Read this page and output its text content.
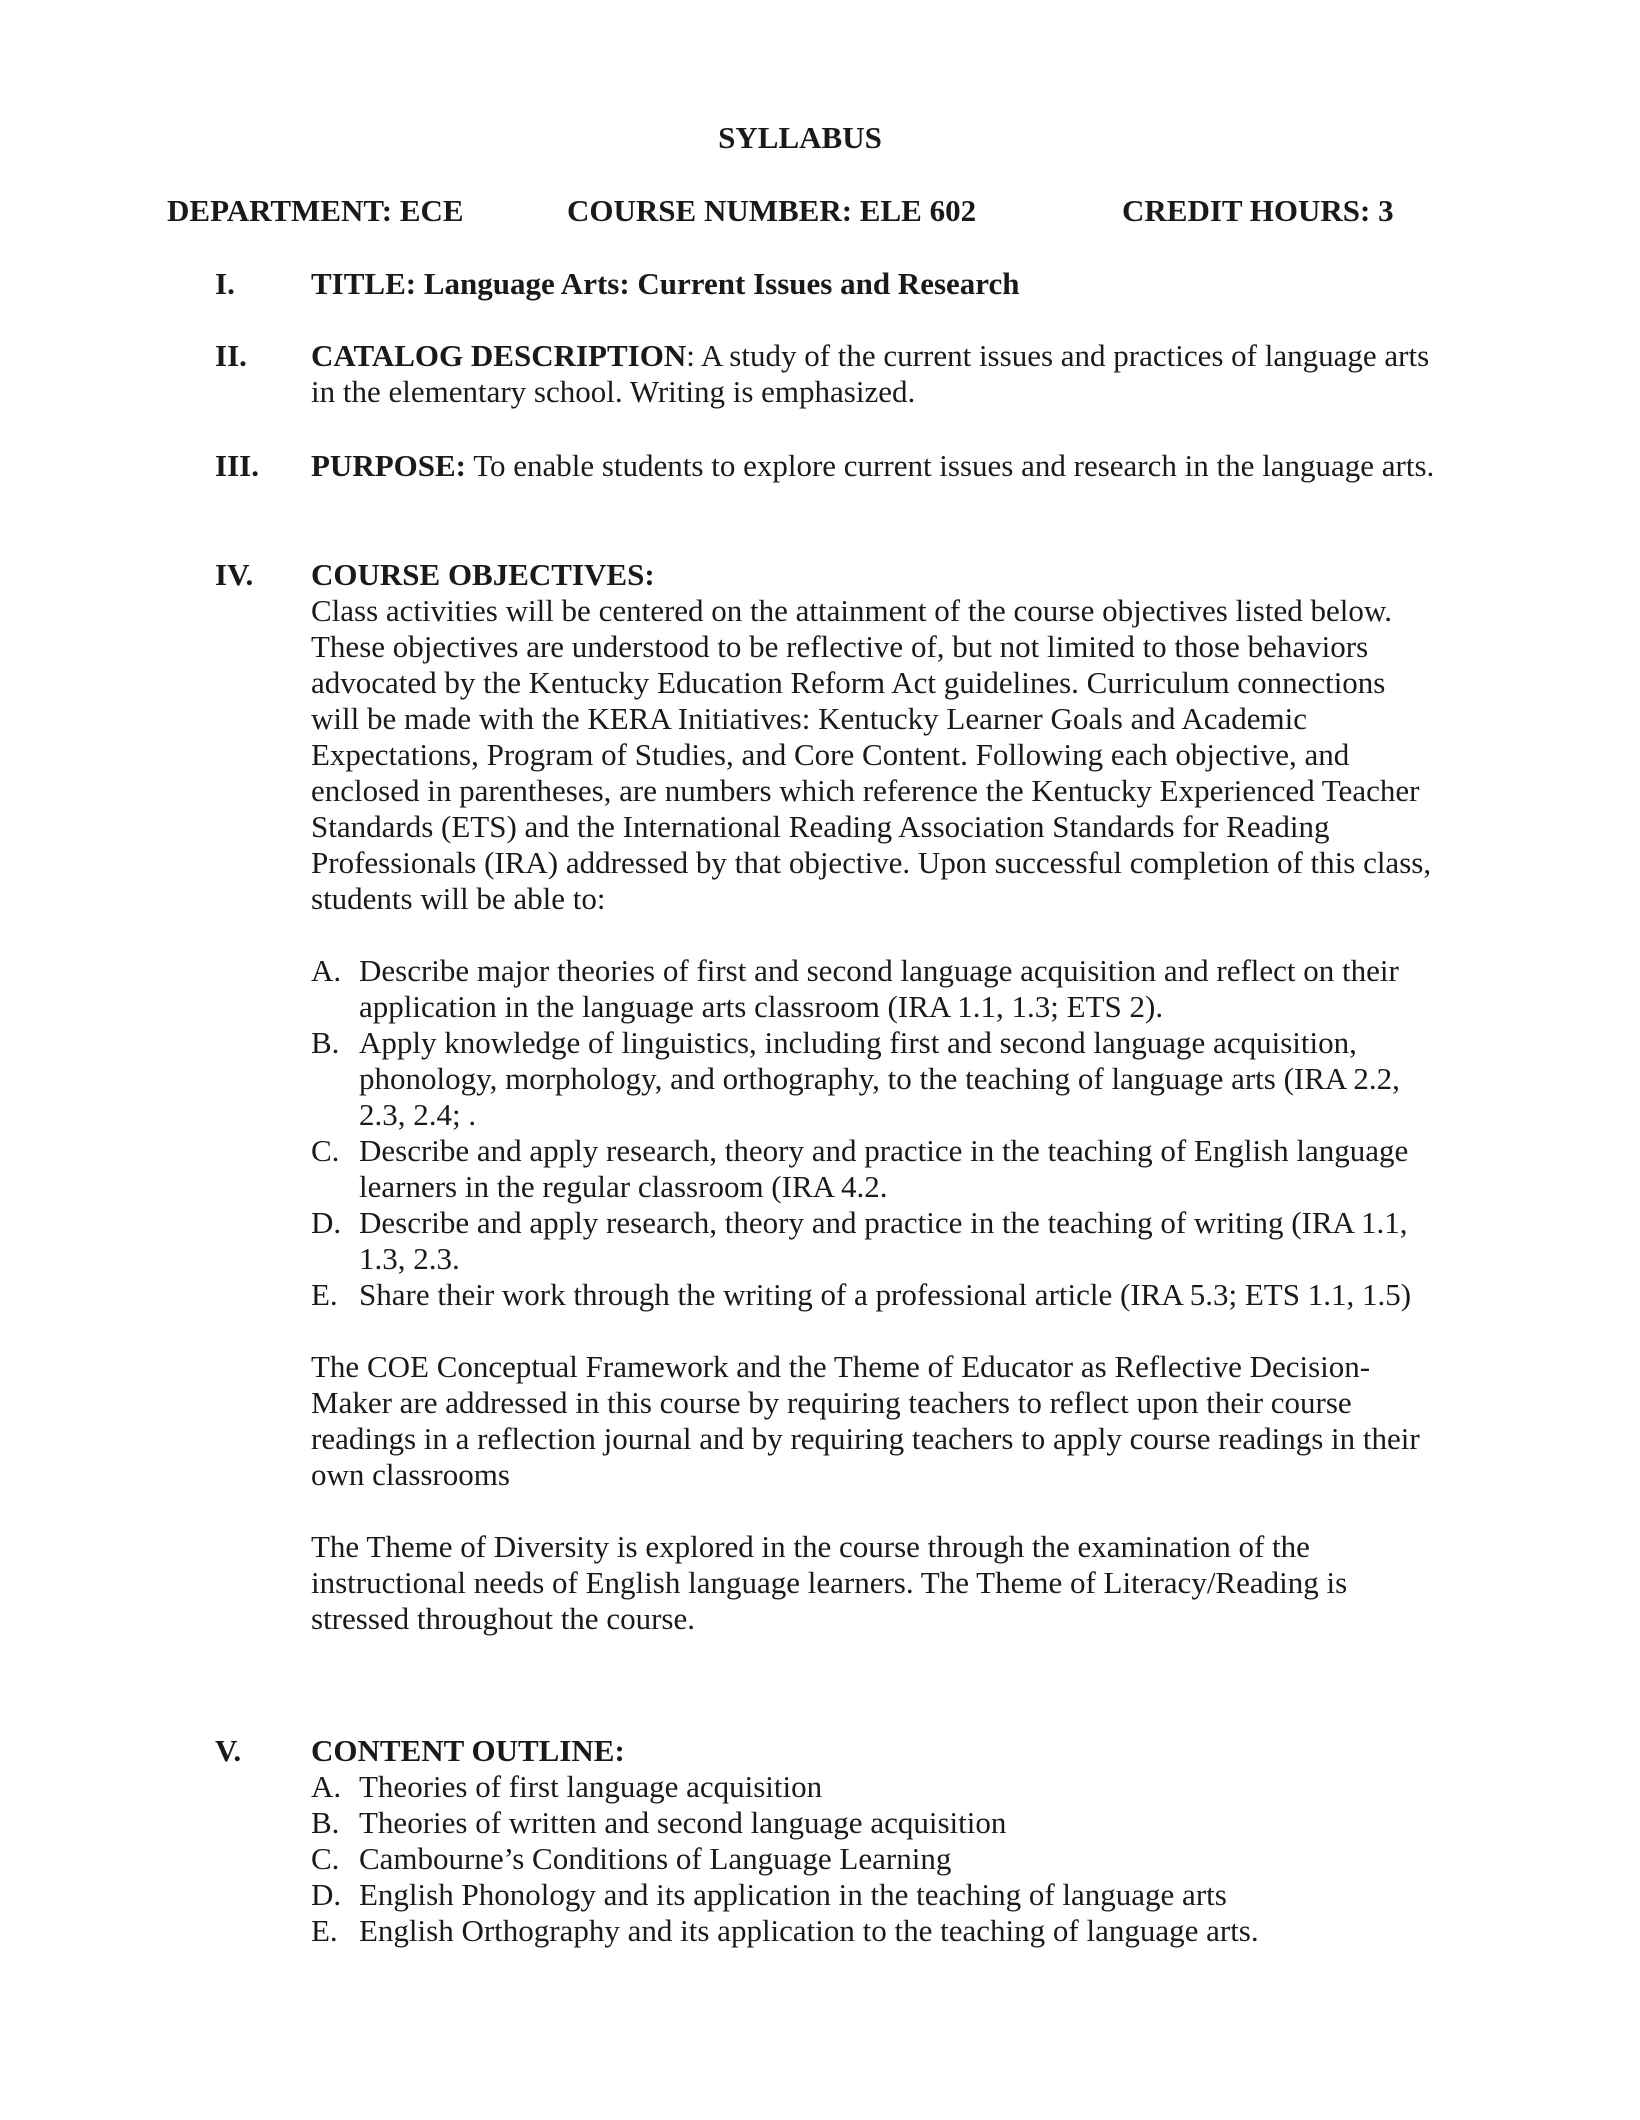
SYLLABUS
DEPARTMENT: ECE	COURSE NUMBER: ELE 602	CREDIT HOURS: 3
I. TITLE: Language Arts: Current Issues and Research

II. CATALOG DESCRIPTION: A study of the current issues and practices of language arts in the elementary school. Writing is emphasized.

III. PURPOSE: To enable students to explore current issues and research in the language arts.

IV. COURSE OBJECTIVES:

Class activities will be centered on the attainment of the course objectives listed below. These objectives are understood to be reflective of, but not limited to those behaviors advocated by the Kentucky Education Reform Act guidelines. Curriculum connections will be made with the KERA Initiatives: Kentucky Learner Goals and Academic Expectations, Program of Studies, and Core Content. Following each objective, and enclosed in parentheses, are numbers which reference the Kentucky Experienced Teacher Standards (ETS) and the International Reading Association Standards for Reading Professionals (IRA) addressed by that objective. Upon successful completion of this class, students will be able to:

A. Describe major theories of first and second language acquisition and reflect on their application in the language arts classroom (IRA 1.1, 1.3; ETS 2).
B. Apply knowledge of linguistics, including first and second language acquisition, phonology, morphology, and orthography, to the teaching of language arts (IRA 2.2, 2.3, 2.4; .
C. Describe and apply research, theory and practice in the teaching of English language learners in the regular classroom (IRA 4.2.
D. Describe and apply research, theory and practice in the teaching of writing (IRA 1.1, 1.3, 2.3.
E. Share their work through the writing of a professional article (IRA 5.3; ETS 1.1, 1.5)

The COE Conceptual Framework and the Theme of Educator as Reflective Decision-Maker are addressed in this course by requiring teachers to reflect upon their course readings in a reflection journal and by requiring teachers to apply course readings in their own classrooms

The Theme of Diversity is explored in the course through the examination of the instructional needs of English language learners. The Theme of Literacy/Reading is stressed throughout the course.

V. CONTENT OUTLINE:

A. Theories of first language acquisition
B. Theories of written and second language acquisition
C. Cambourne’s Conditions of Language Learning
D. English Phonology and its application in the teaching of language arts
E. English Orthography and its application to the teaching of language arts.
